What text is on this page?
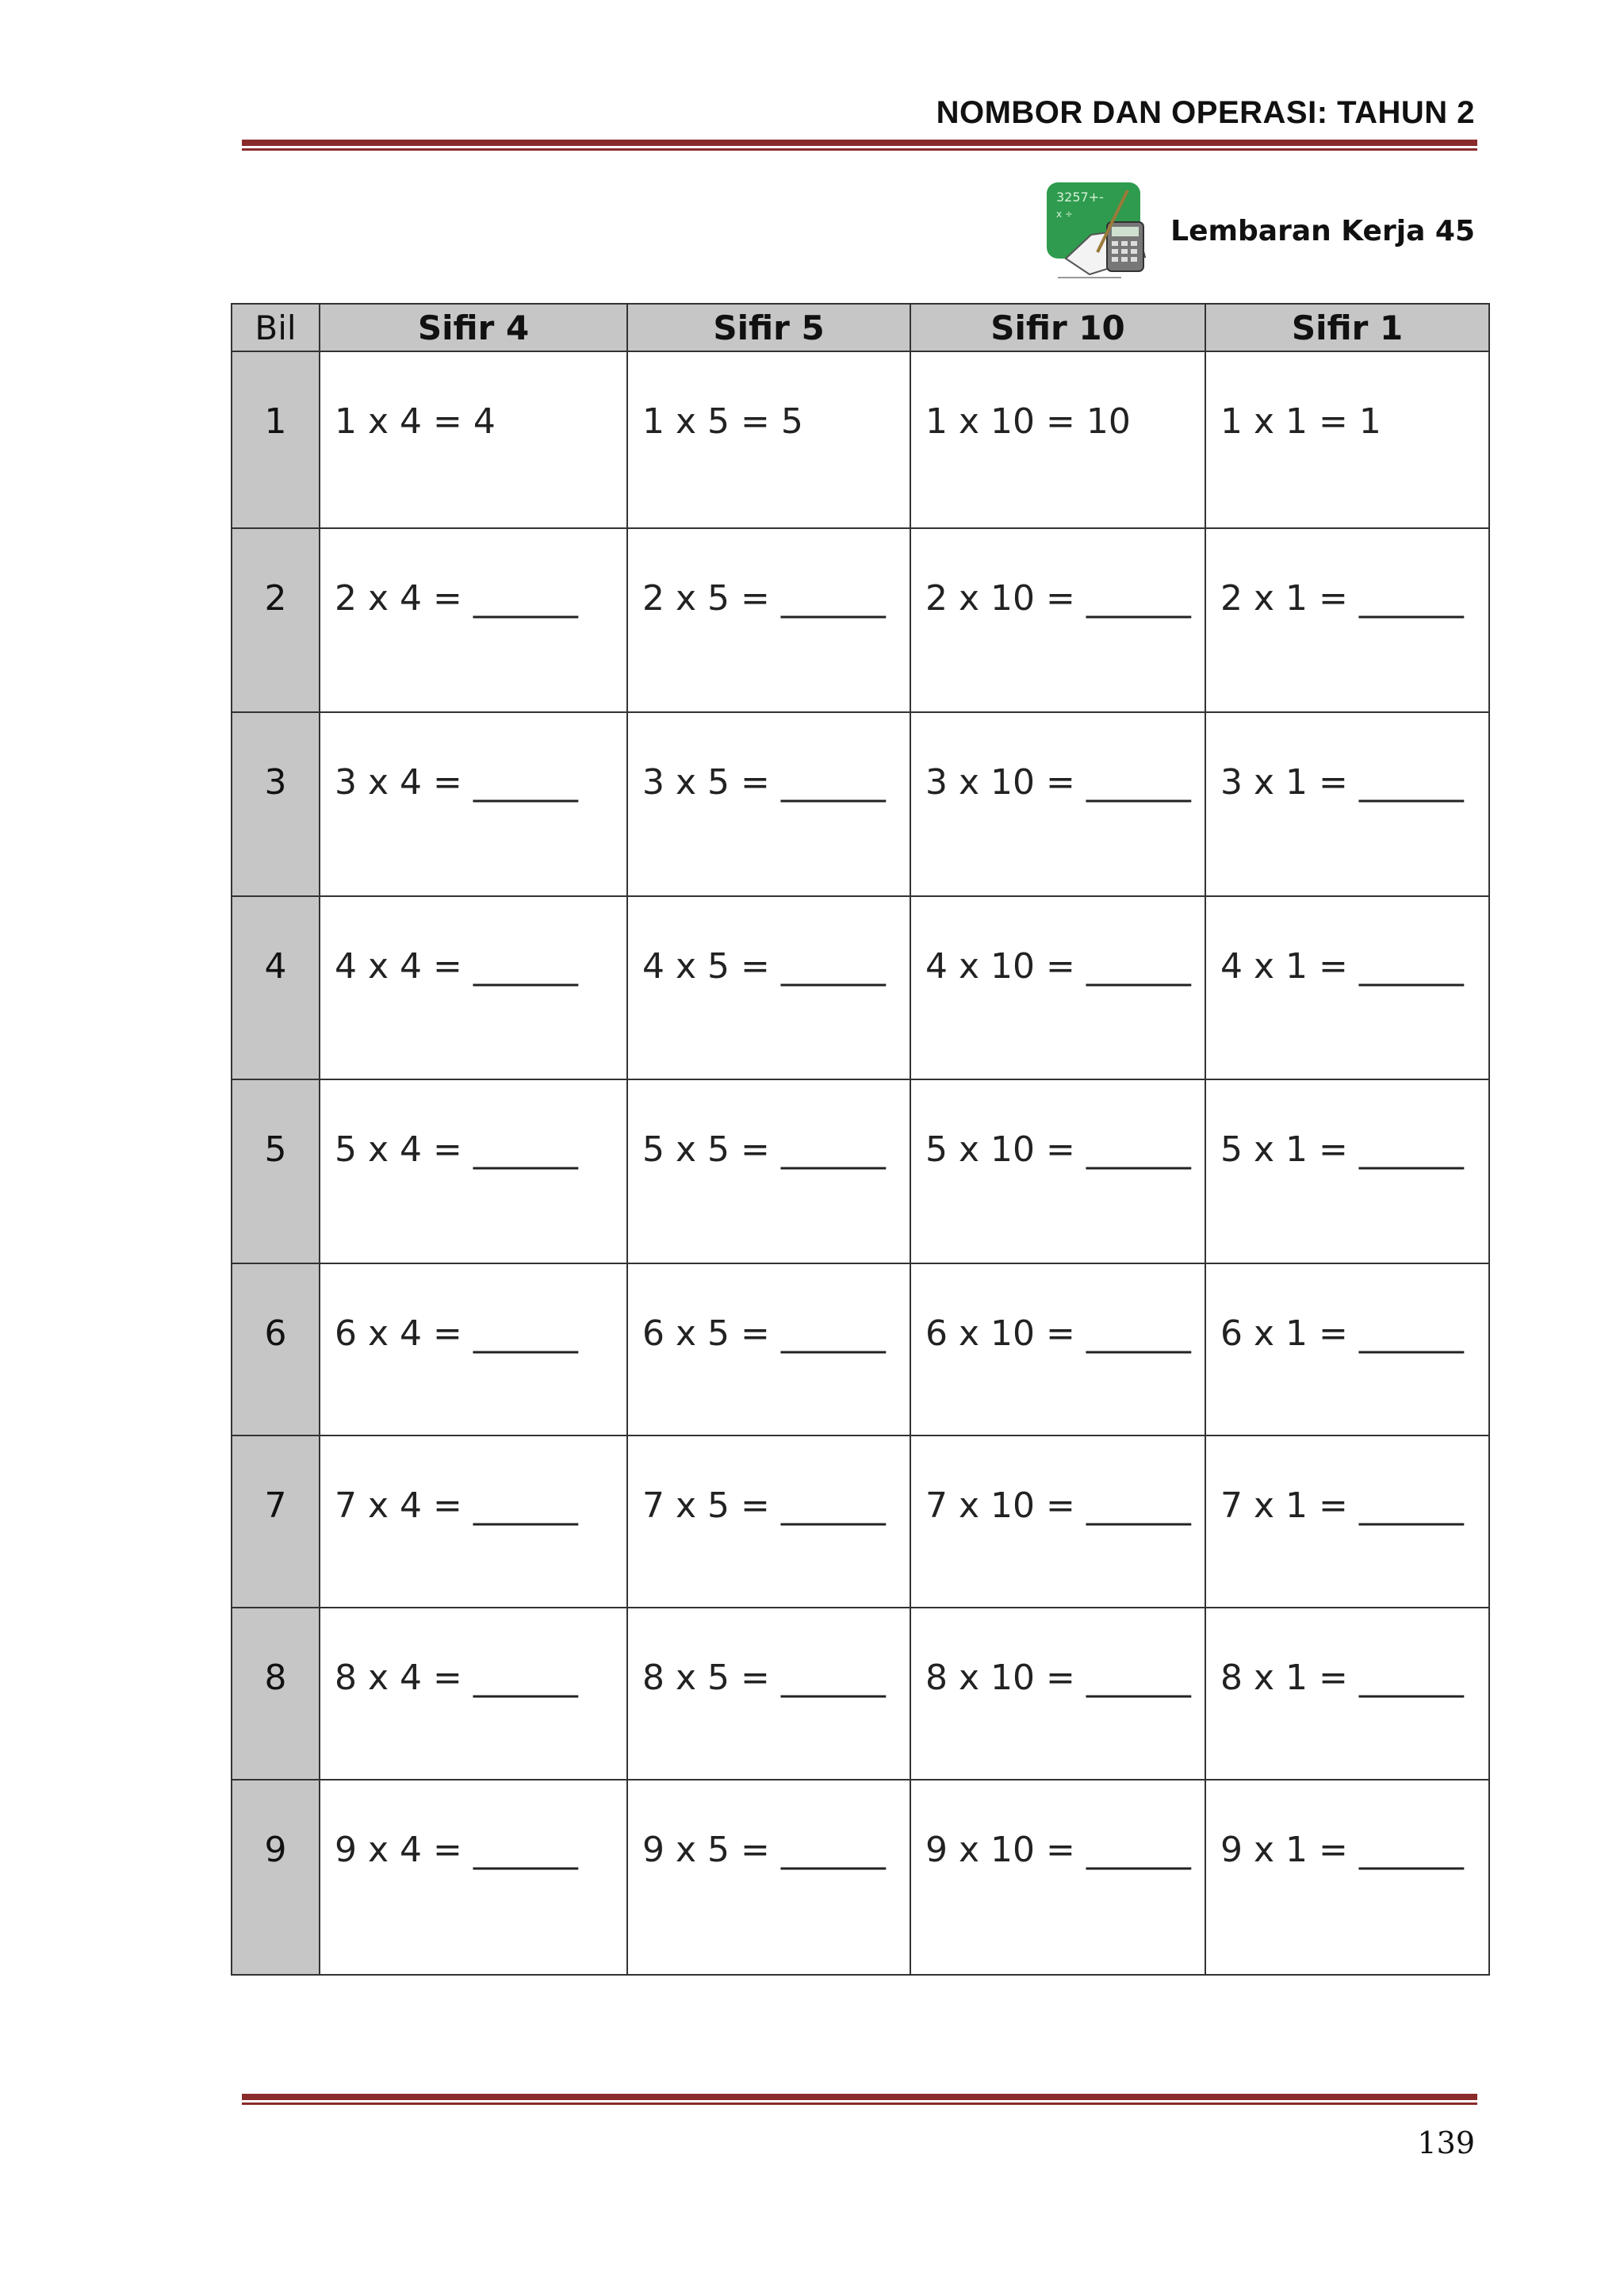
NOMBOR DAN OPERASI: TAHUN 2
3257+-
x ÷
Lembaran Kerja 45
Bil	Sifir 4	Sifir 5	Sifir 10	Sifir 1
1	1 x 4 = 4	1 x 5 = 5	1 x 10 = 10	1 x 1 = 1
2	2 x 4 = ______	2 x 5 = ______	2 x 10 = ______	2 x 1 = ______
3	3 x 4 = ______	3 x 5 = ______	3 x 10 = ______	3 x 1 = ______
4	4 x 4 = ______	4 x 5 = ______	4 x 10 = ______	4 x 1 = ______
5	5 x 4 = ______	5 x 5 = ______	5 x 10 = ______	5 x 1 = ______
6	6 x 4 = ______	6 x 5 = ______	6 x 10 = ______	6 x 1 = ______
7	7 x 4 = ______	7 x 5 = ______	7 x 10 = ______	7 x 1 = ______
8	8 x 4 = ______	8 x 5 = ______	8 x 10 = ______	8 x 1 = ______
9	9 x 4 = ______	9 x 5 = ______	9 x 10 = ______	9 x 1 = ______
139
